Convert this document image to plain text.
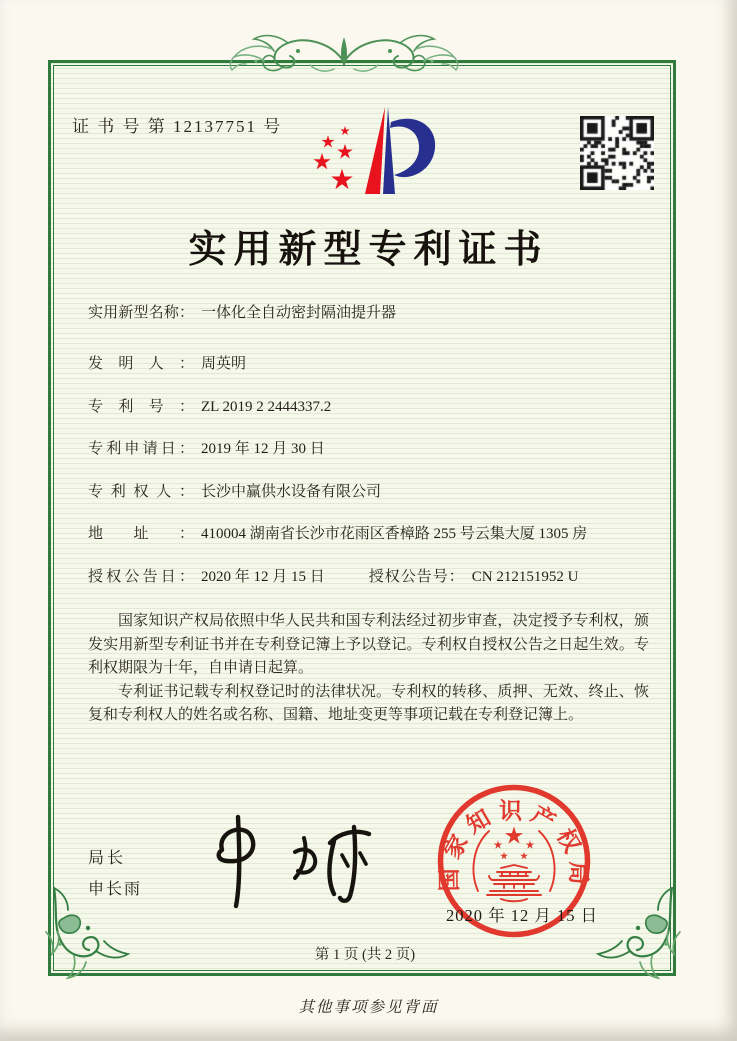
证 书 号 第 12137751 号
实用新型专利证书
实用新型名称： 一体化全自动密封隔油提升器
发明人： 周英明
专利号： ZL 2019 2 2444337.2
专利申请日： 2019 年 12 月 30 日
专利权人： 长沙中赢供水设备有限公司
地址： 410004 湖南省长沙市花雨区香樟路 255 号云集大厦 1305 房
授权公告日： 2020 年 12 月 15 日	授权公告号： CN 212151952 U

国家知识产权局依照中华人民共和国专利法经过初步审查，决定授予专利权，颁发实用新型专利证书并在专利登记簿上予以登记。专利权自授权公告之日起生效。专利权期限为十年，自申请日起算。

专利证书记载专利权登记时的法律状况。专利权的转移、质押、无效、终止、恢复和专利权人的姓名或名称、国籍、地址变更等事项记载在专利登记簿上。

局长
申长雨	国家知识产权局
2020 年 12 月 15 日
第 1 页 (共 2 页)
其他事项参见背面
